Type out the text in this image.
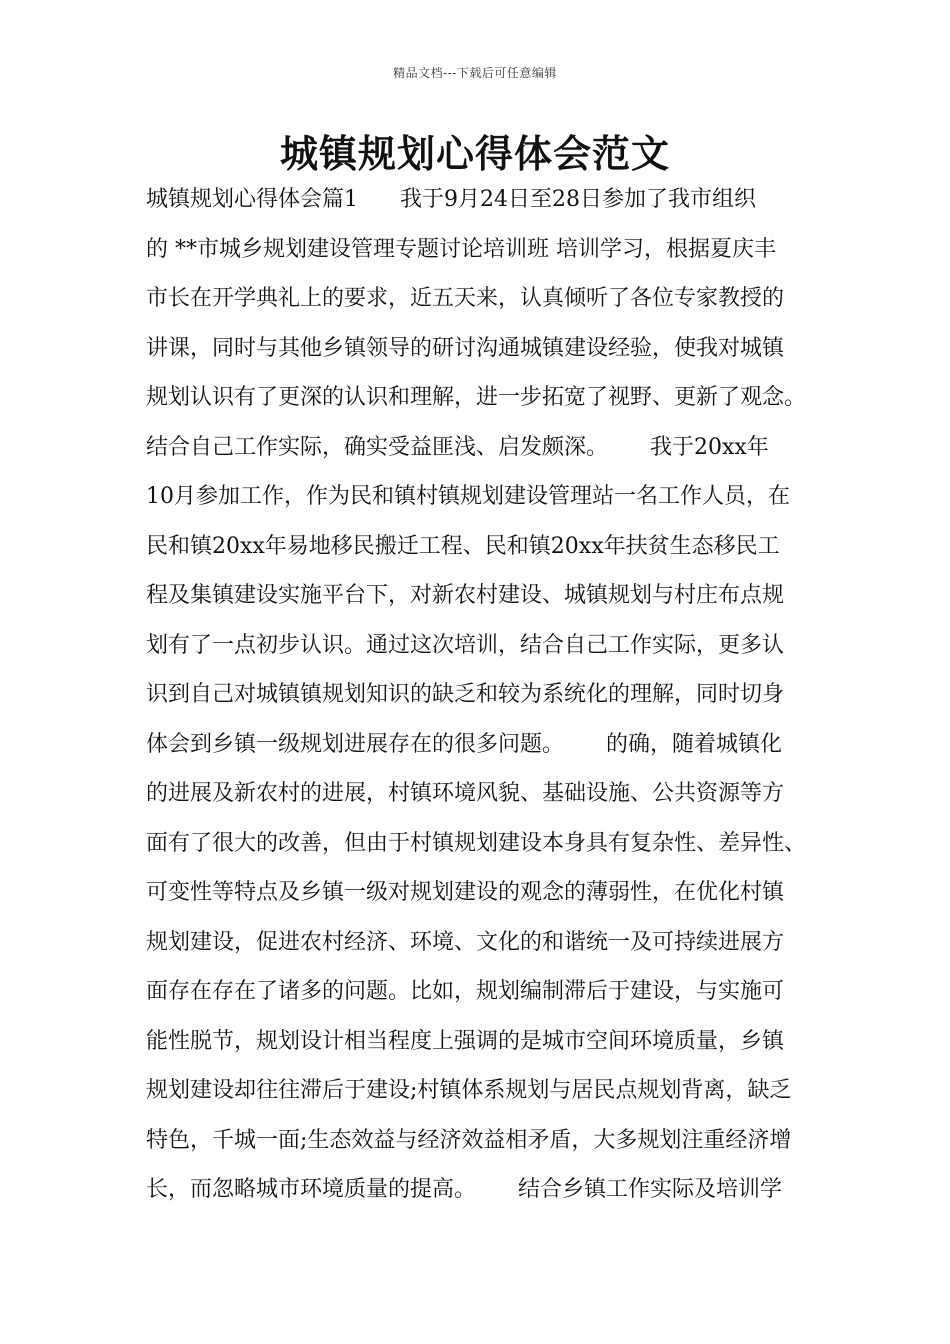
精品文档---下载后可任意编辑
城镇规划心得体会范文
城镇规划心得体会篇1      我于9月24日至28日参加了我市组织
的 **市城乡规划建设管理专题讨论培训班 培训学习，根据夏庆丰
市长在开学典礼上的要求，近五天来，认真倾听了各位专家教授的
讲课，同时与其他乡镇领导的研讨沟通城镇建设经验，使我对城镇
规划认识有了更深的认识和理解，进一步拓宽了视野、更新了观念。
结合自己工作实际，确实受益匪浅、启发颇深。      我于20xx年
10月参加工作，作为民和镇村镇规划建设管理站一名工作人员，在
民和镇20xx年易地移民搬迁工程、民和镇20xx年扶贫生态移民工
程及集镇建设实施平台下，对新农村建设、城镇规划与村庄布点规
划有了一点初步认识。通过这次培训，结合自己工作实际，更多认
识到自己对城镇镇规划知识的缺乏和较为系统化的理解，同时切身
体会到乡镇一级规划进展存在的很多问题。      的确，随着城镇化
的进展及新农村的进展，村镇环境风貌、基础设施、公共资源等方
面有了很大的改善，但由于村镇规划建设本身具有复杂性、差异性、
可变性等特点及乡镇一级对规划建设的观念的薄弱性，在优化村镇
规划建设，促进农村经济、环境、文化的和谐统一及可持续进展方
面存在存在了诸多的问题。比如，规划编制滞后于建设，与实施可
能性脱节，规划设计相当程度上强调的是城市空间环境质量，乡镇
规划建设却往往滞后于建设;村镇体系规划与居民点规划背离，缺乏
特色，千城一面;生态效益与经济效益相矛盾，大多规划注重经济增
长，而忽略城市环境质量的提高。      结合乡镇工作实际及培训学
